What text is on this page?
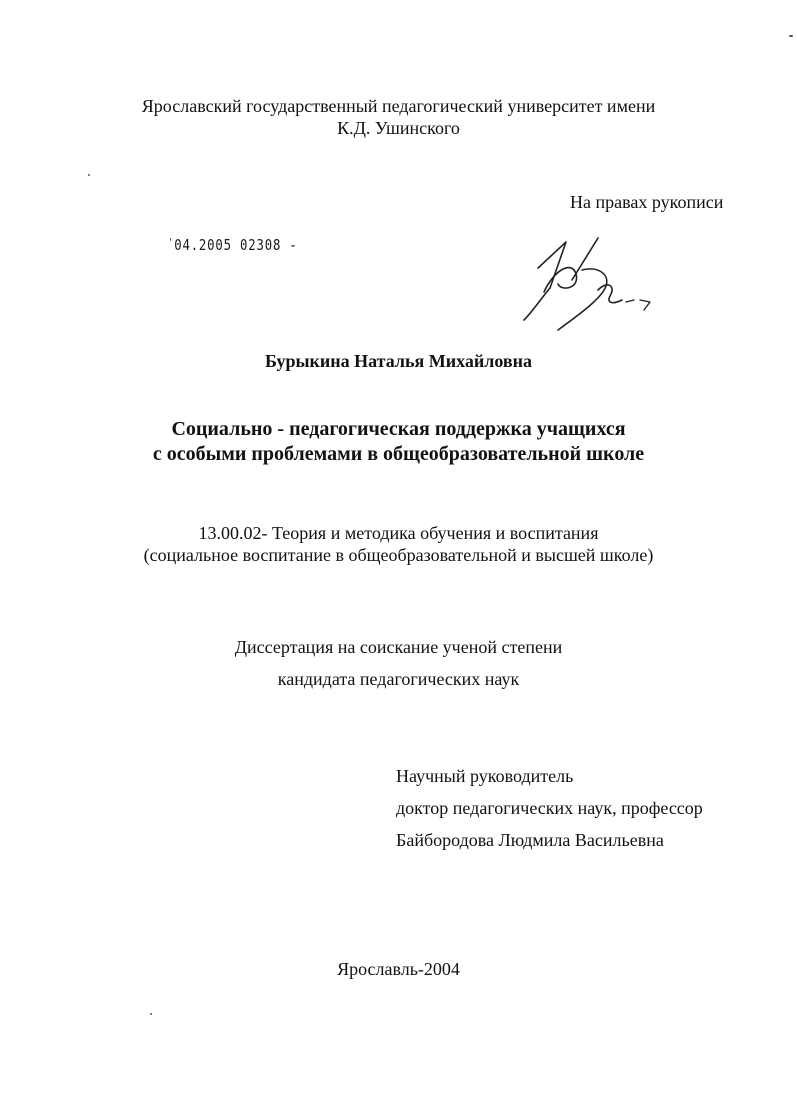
Ярославский государственный педагогический университет имени
К.Д. Ушинского
На правах рукописи
'04.2005 02308 -
Бурыкина Наталья Михайловна
Социально - педагогическая поддержка учащихся
с особыми проблемами в общеобразовательной школе
13.00.02- Теория и методика обучения и воспитания
(социальное воспитание в общеобразовательной и высшей школе)
Диссертация на соискание ученой степени
кандидата педагогических наук
Научный руководитель
доктор педагогических наук, профессор
Байбородова Людмила Васильевна
Ярославль-2004
